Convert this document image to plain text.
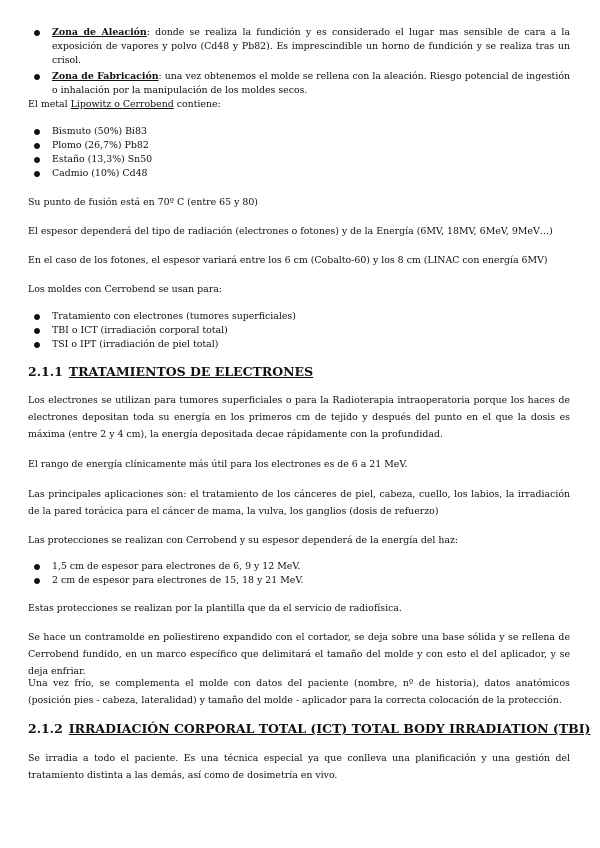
Zona de Aleación: donde se realiza la fundición y es considerado el lugar mas sensible de cara a la exposición de vapores y polvo (Cd48 y Pb82). Es imprescindible un horno de fundición y se realiza tras un crisol.
Zona de Fabricación: una vez obtenemos el molde se rellena con la aleación. Riesgo potencial de ingestión o inhalación por la manipulación de los moldes secos.
El metal Lipowitz o Cerrobend contiene:
Bismuto (50%) Bi83
Plomo (26,7%) Pb82
Estaño (13,3%) Sn50
Cadmio (10%) Cd48
Su punto de fusión está en 70º C (entre 65 y 80)
El espesor dependerá del tipo de radiación (electrones o fotones) y de la Energía (6MV, 18MV, 6MeV, 9MeV…)
En el caso de los fotones, el espesor variará entre los 6 cm (Cobalto-60) y los 8 cm (LINAC con energía 6MV)
Los moldes con Cerrobend se usan para:
Tratamiento con electrones (tumores superficiales)
TBI o ICT (irradiación corporal total)
TSI o IPT (irradiación de piel total)
2.1.1 TRATAMIENTOS DE ELECTRONES
Los electrones se utilizan para tumores superficiales o para la Radioterapia intraoperatoria porque los haces de electrones depositan toda su energía en los primeros cm de tejido y después del punto en el que la dosis es máxima (entre 2 y 4 cm), la energía depositada decae rápidamente con la profundidad.
El rango de energía clínicamente más útil para los electrones es de 6 a 21 MeV.
Las principales aplicaciones son: el tratamiento de los cánceres de piel, cabeza, cuello, los labios, la irradiación de la pared torácica para el cáncer de mama, la vulva, los ganglios (dosis de refuerzo)
Las protecciones se realizan con Cerrobend y su espesor dependerá de la energía del haz:
1,5 cm de espesor para electrones de 6, 9 y 12 MeV.
2 cm de espesor para electrones de 15, 18 y 21 MeV.
Estas protecciones se realizan por la plantilla que da el servicio de radiofísica.
Se hace un contramolde en poliestireno expandido con el cortador, se deja sobre una base sólida y se rellena de Cerrobend fundido, en un marco específico que delimitará el tamaño del molde y con esto el del aplicador, y se deja enfriar.
Una vez frío, se complementa el molde con datos del paciente (nombre, nº de historia), datos anatómicos (posición pies - cabeza, lateralidad) y tamaño del molde - aplicador para la correcta colocación de la protección.
2.1.2 IRRADIACIÓN CORPORAL TOTAL (ICT) TOTAL BODY IRRADIATION (TBI)
Se irradia a todo el paciente. Es una técnica especial ya que conlleva una planificación y una gestión del tratamiento distinta a las demás, así como de dosimetría en vivo.
